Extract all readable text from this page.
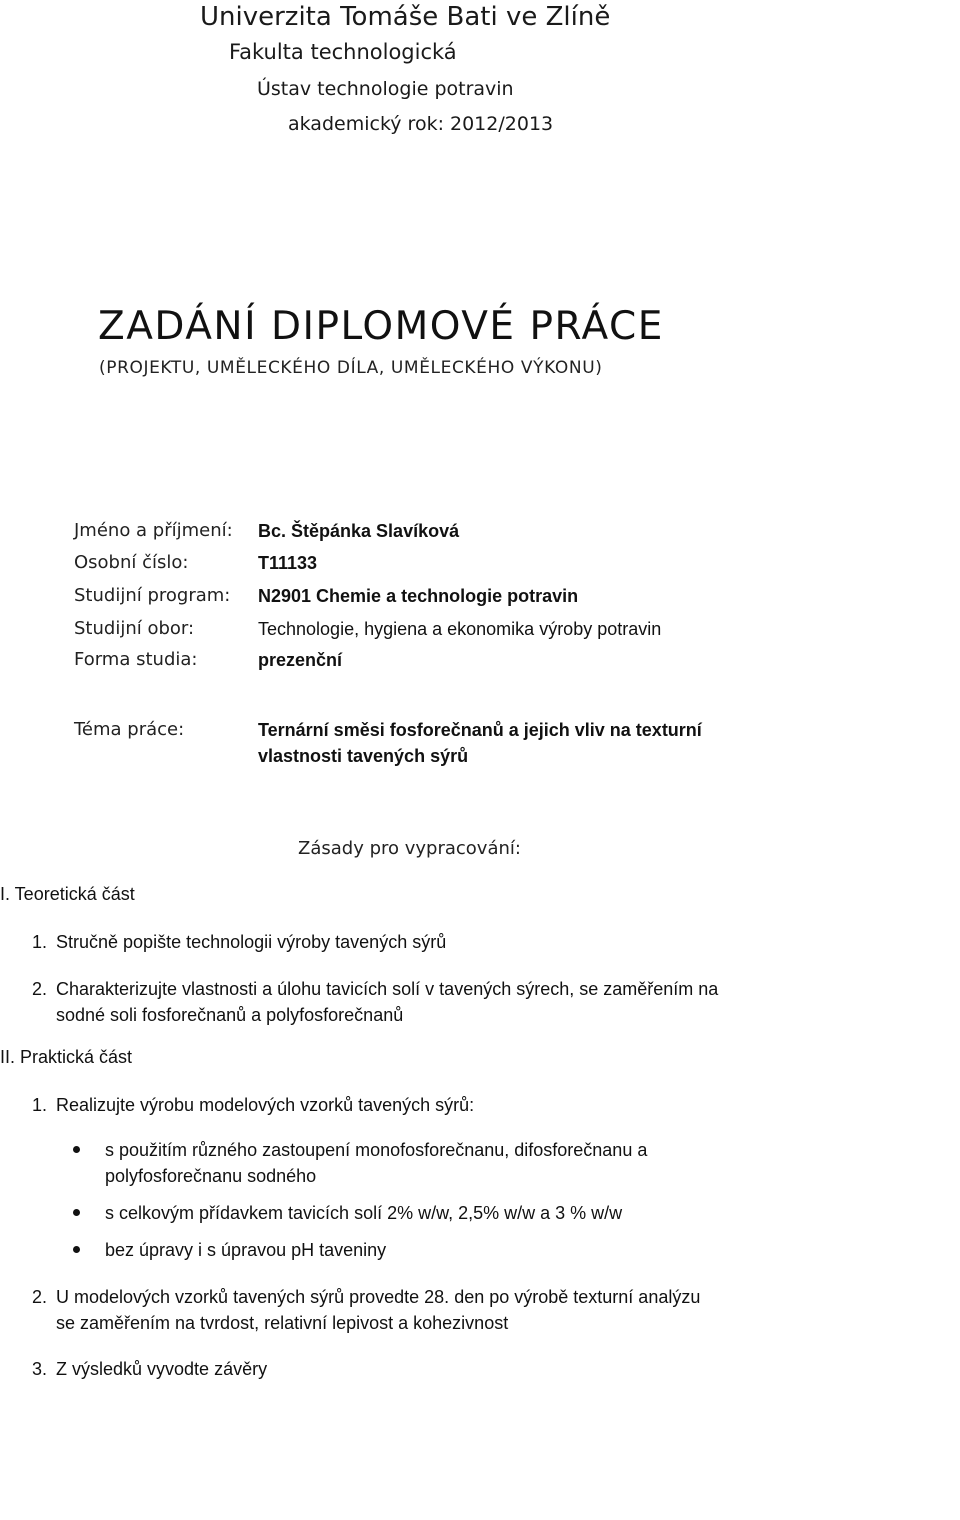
Univerzita Tomáše Bati ve Zlíně
Fakulta technologická
Ústav technologie potravin
akademický rok: 2012/2013
ZADÁNÍ DIPLOMOVÉ PRÁCE
(PROJEKTU, UMĚLECKÉHO DÍLA, UMĚLECKÉHO VÝKONU)
Jméno a příjmení: Bc. Štěpánka Slavíková
Osobní číslo:	T11133
Studijní program: N2901 Chemie a technologie potravin
Studijní obor:	Technologie, hygiena a ekonomika výroby potravin
Forma studia:	prezenční
Téma práce:	Ternární směsi fosforečnanů a jejich vliv na texturní
vlastnosti tavených sýrů
Zásady pro vypracování:
I. Teoretická část
1. Stručně popište technologii výroby tavených sýrů
2. Charakterizujte vlastnosti a úlohu tavicích solí v tavených sýrech, se zaměřením na
sodné soli fosforečnanů a polyfosforečnanů
II. Praktická část
1. Realizujte výrobu modelových vzorků tavených sýrů:
s použitím různého zastoupení monofosforečnanu, difosforečnanu a
polyfosforečnanu sodného
s celkovým přídavkem tavicích solí 2% w/w, 2,5% w/w a 3 % w/w
bez úpravy i s úpravou pH taveniny
2. U modelových vzorků tavených sýrů provedte 28. den po výrobě texturní analýzu
se zaměřením na tvrdost, relativní lepivost a kohezivnost
3. Z výsledků vyvodte závěry
